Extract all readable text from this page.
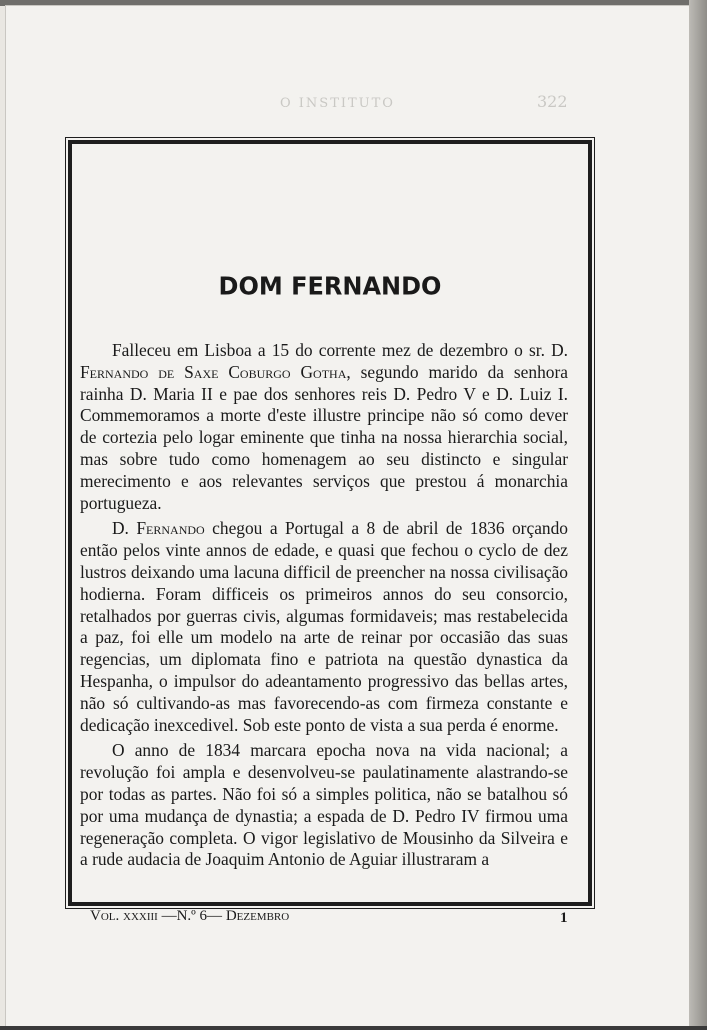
O INSTITUTO	322
DOM FERNANDO

Falleceu em Lisboa a 15 do corrente mez de dezembro o sr. D. Fernando de Saxe Coburgo Gotha, segundo marido da senhora rainha D. Maria II e pae dos senhores reis D. Pedro V e D. Luiz I. Commemoramos a morte d'este illustre principe não só como dever de cortezia pelo logar eminente que tinha na nossa hierarchia social, mas sobre tudo como homenagem ao seu distincto e singular merecimento e aos relevantes serviços que prestou á monarchia portugueza.

D. Fernando chegou a Portugal a 8 de abril de 1836 orçando então pelos vinte annos de edade, e quasi que fechou o cyclo de dez lustros deixando uma lacuna difficil de preencher na nossa civilisação hodierna. Foram difficeis os primeiros annos do seu consorcio, retalhados por guerras civis, algumas formidaveis; mas restabelecida a paz, foi elle um modelo na arte de reinar por occasião das suas regencias, um diplomata fino e patriota na questão dynastica da Hespanha, o impulsor do adeantamento progressivo das bellas artes, não só cultivando-as mas favorecendo-as com firmeza constante e dedicação inexcedivel. Sob este ponto de vista a sua perda é enorme.

O anno de 1834 marcara epocha nova na vida nacional; a revolução foi ampla e desenvolveu-se paulatinamente alastrando-se por todas as partes. Não foi só a simples politica, não se batalhou só por uma mudança de dynastia; a espada de D. Pedro IV firmou uma regeneração completa. O vigor legislativo de Mousinho da Silveira e a rude audacia de Joaquim Antonio de Aguiar illustraram a

Vol. xxxiii —N.º 6— Dezembro	1
